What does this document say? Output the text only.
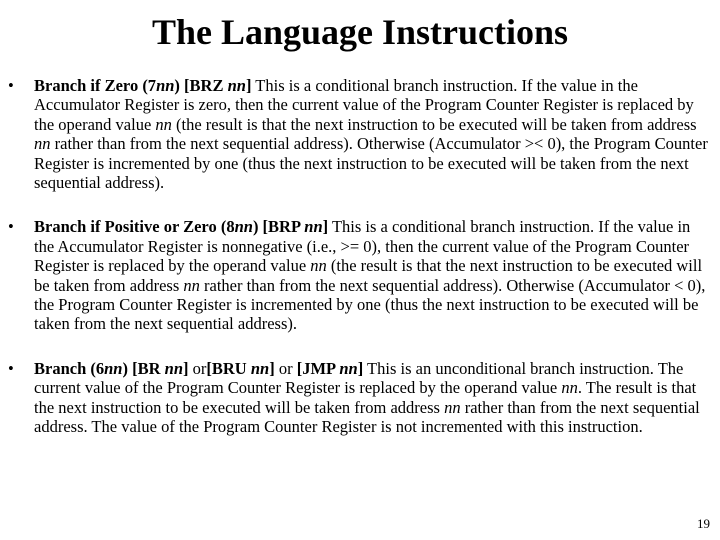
The Language Instructions
• Branch if Zero (7nn) [BRZ nn] This is a conditional branch instruction. If the value in the Accumulator Register is zero, then the current value of the Program Counter Register is replaced by the operand value nn (the result is that the next instruction to be executed will be taken from address nn rather than from the next sequential address). Otherwise (Accumulator >< 0), the Program Counter Register is incremented by one (thus the next instruction to be executed will be taken from the next sequential address).
• Branch if Positive or Zero (8nn) [BRP nn] This is a conditional branch instruction. If the value in the Accumulator Register is nonnegative (i.e., >= 0), then the current value of the Program Counter Register is replaced by the operand value nn (the result is that the next instruction to be executed will be taken from address nn rather than from the next sequential address). Otherwise (Accumulator < 0), the Program Counter Register is incremented by one (thus the next instruction to be executed will be taken from the next sequential address).
• Branch (6nn) [BR nn] or[BRU nn] or [JMP nn] This is an unconditional branch instruction. The current value of the Program Counter Register is replaced by the operand value nn. The result is that the next instruction to be executed will be taken from address nn rather than from the next sequential address. The value of the Program Counter Register is not incremented with this instruction.
19
